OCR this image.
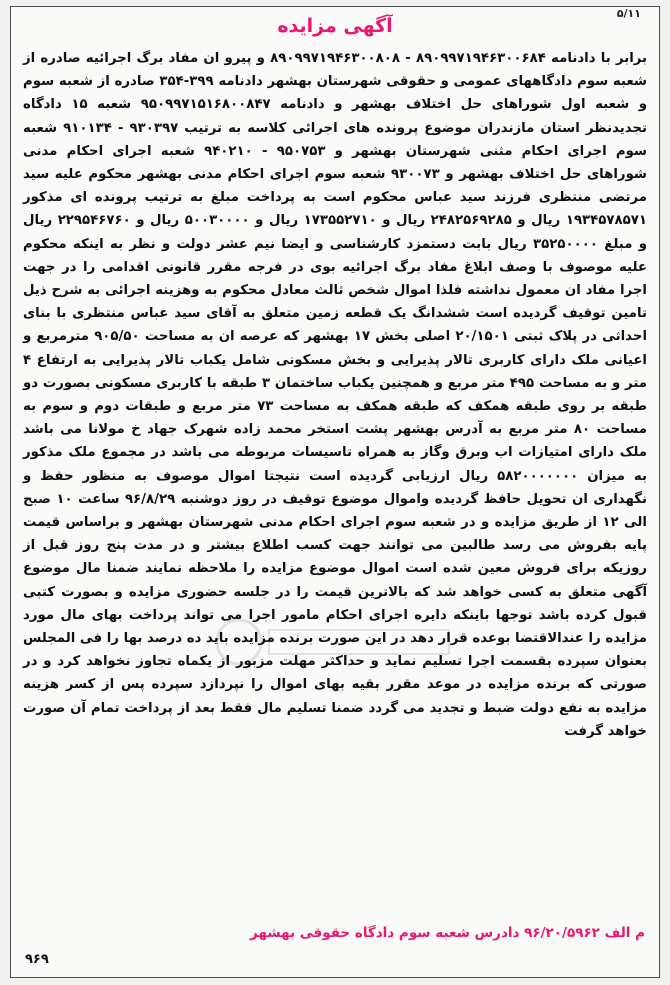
۵/۱۱
آگهی مزایده
برابر با دادنامه ۸۹۰۹۹۷۱۹۴۶۳۰۰۶۸۴ - ۸۹۰۹۹۷۱۹۴۶۳۰۰۸۰۸ و پیرو ان مفاد برگ اجرائیه صادره از شعبه سوم دادگاههای عمومی و حقوقی شهرستان بهشهر دادنامه ۳۹۹-۳۵۴ صادره از شعبه سوم و شعبه اول شوراهای حل اختلاف بهشهر و دادنامه ۹۵۰۹۹۷۱۵۱۶۸۰۰۸۴۷ شعبه ۱۵ دادگاه تجدیدنظر استان مازندران موضوع پرونده های اجرائی کلاسه به ترتیب ۹۳۰۳۹۷ - ۹۱۰۱۳۴ شعبه سوم اجرای احکام مثنی شهرستان بهشهر و ۹۵۰۷۵۳ - ۹۴۰۲۱۰ شعبه اجرای احکام مدنی شوراهای حل اختلاف بهشهر و ۹۳۰۰۷۳ شعبه سوم اجرای احکام مدنی بهشهر محکوم علیه سید مرتضی منتظری فرزند سید عباس محکوم است به پرداخت مبلغ به ترتیب پرونده ای مذکور ۱۹۳۴۵۷۸۵۷۱ ریال و ۲۴۸۲۵۶۹۲۸۵ ریال و ۱۷۳۵۵۲۷۱۰ ریال و ۵۰۰۳۰۰۰۰ ریال و ۲۲۹۵۴۶۷۶۰ ریال و مبلغ ۳۵۲۵۰۰۰۰ ریال بابت دستمزد کارشناسی و ایضا نیم عشر دولت و نظر به اینکه محکوم علیه موصوف با وصف ابلاغ مفاد برگ اجرائیه بوی در فرجه مقرر قانونی اقدامی را در جهت اجرا مفاد ان معمول نداشته فلذا اموال شخص ثالث معادل محکوم به وهزینه اجرائی به شرح ذیل تامین توقیف گردیده است ششدانگ یک قطعه زمین متعلق به آقای سید عباس منتظری با بنای احداثی در پلاک ثبتی ۲۰/۱۵۰۱ اصلی بخش ۱۷ بهشهر که عرصه ان به مساحت ۹۰۵/۵۰ مترمربع و اعیانی ملک دارای کاربری تالار پذیرایی و بخش مسکونی شامل یکباب تالار پذیرایی به ارتفاع ۴ متر و به مساحت ۴۹۵ متر مربع و همچنین یکباب ساختمان ۳ طبقه با کاربری مسکونی بصورت دو طبقه بر روی طبقه همکف که طبقه همکف به مساحت ۷۳ متر مربع و طبقات دوم و سوم به مساحت ۸۰ متر مربع به آدرس بهشهر پشت استخر محمد زاده شهرک جهاد خ مولانا می باشد ملک دارای امتیازات اب وبرق وگاز به همراه تاسیسات مربوطه می باشد در مجموع ملک مذکور به میزان ۵۸۲۰۰۰۰۰۰۰ ریال ارزیابی گردیده است نتیجتا اموال موصوف به منظور حفظ و نگهداری ان تحویل حافظ گردیده واموال موضوع توقیف در روز دوشنبه ۹۶/۸/۲۹ ساعت ۱۰ صبح الی ۱۲ از طریق مزایده و در شعبه سوم اجرای احکام مدنی شهرستان بهشهر و براساس قیمت پایه بفروش می رسد طالبین می توانند جهت کسب اطلاع بیشتر و در مدت پنج روز قبل از روزیکه برای فروش معین شده است اموال موضوع مزایده را ملاحظه نمایند ضمنا مال موضوع آگهی متعلق به کسی خواهد شد که بالاترین قیمت را در جلسه حضوری مزایده و بصورت کتبی قبول کرده باشد توجها باینکه دایره اجرای احکام مامور اجرا می تواند پرداخت بهای مال مورد مزایده را عندالاقتضا بوعده قرار دهد در این صورت برنده مزایده باید ده درصد بها را فی المجلس بعنوان سپرده بقسمت اجرا تسلیم نماید و حداکثر مهلت مزبور از یکماه تجاوز نخواهد کرد و در صورتی که برنده مزایده در موعد مقرر بقیه بهای اموال را نپردازد سپرده پس از کسر هزینه مزایده به نفع دولت ضبط و تجدید می گردد ضمنا تسلیم مال فقط بعد از پرداخت تمام آن صورت خواهد گرفت
م الف ۹۶/۲۰/۵۹۶۲ دادرس شعبه سوم دادگاه حقوقی بهشهر
۹۶۹
